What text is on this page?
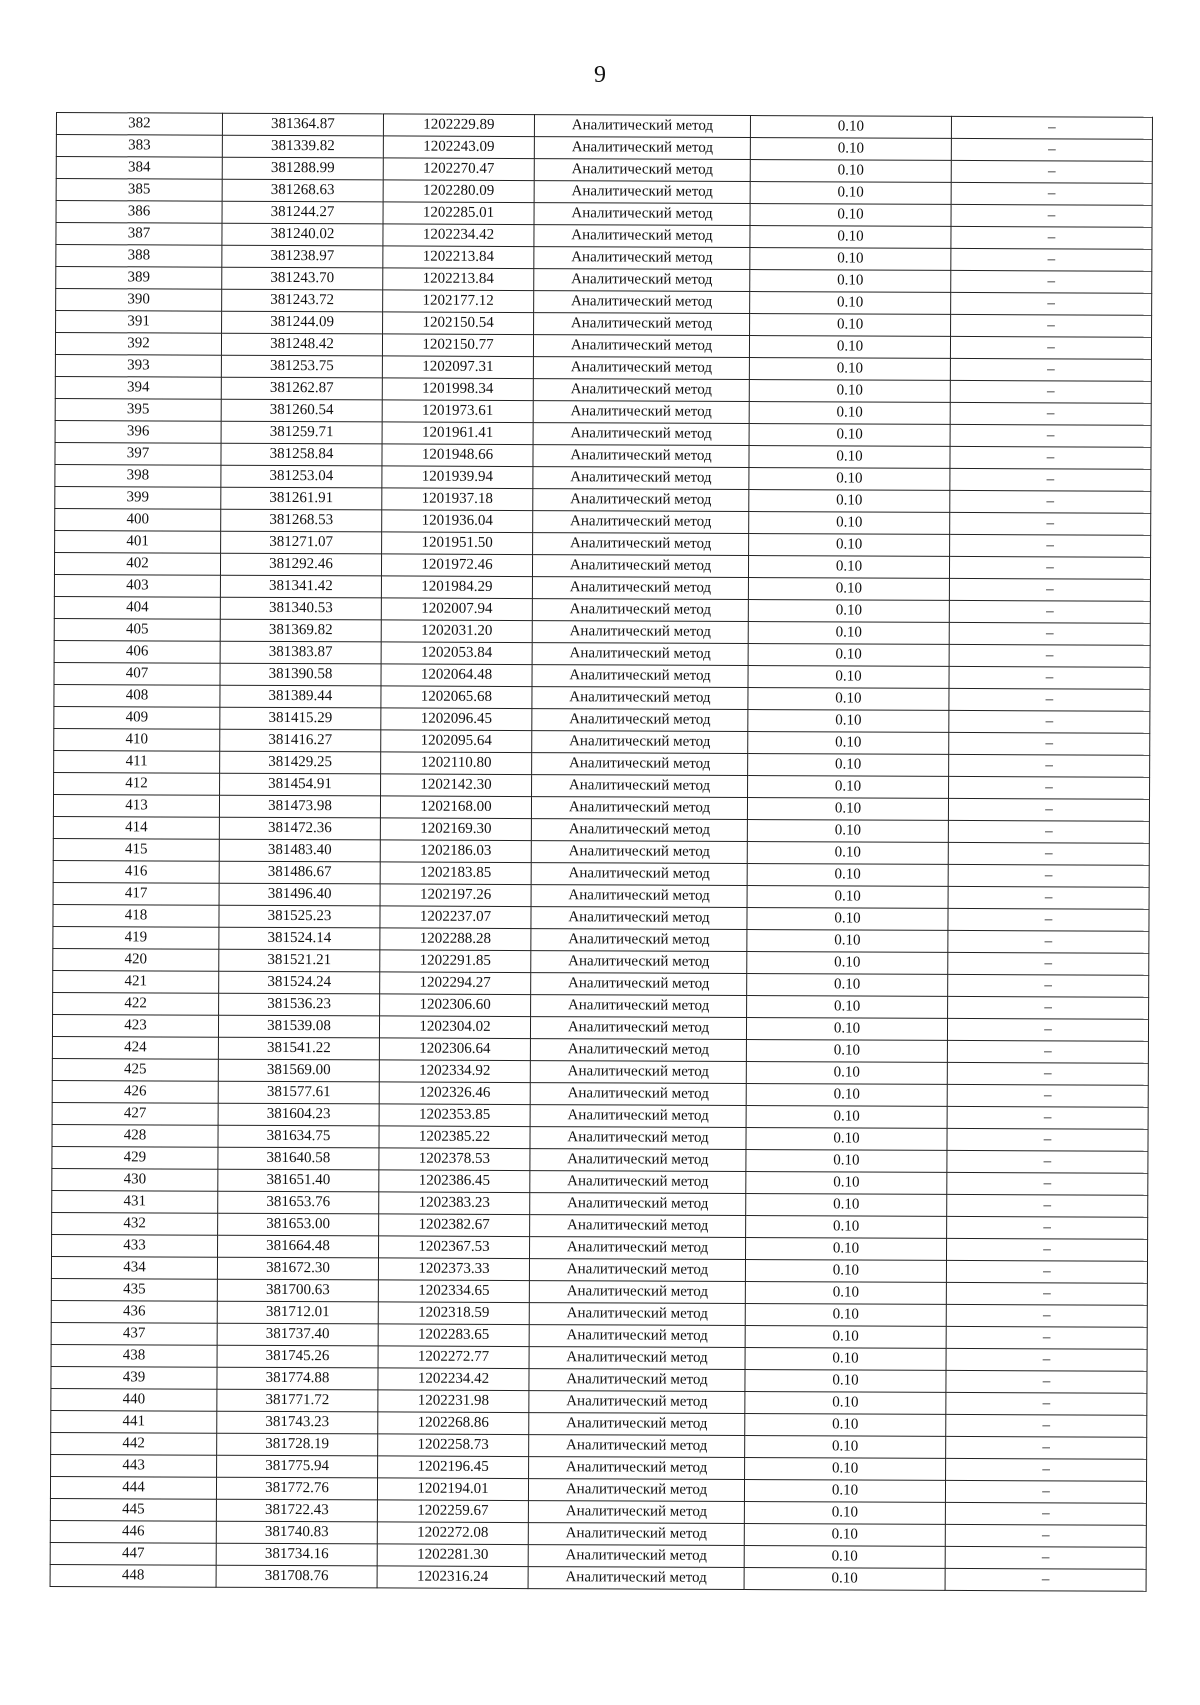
9
382	381364.87	1202229.89	Аналитический метод	0.10	–
383	381339.82	1202243.09	Аналитический метод	0.10	–
384	381288.99	1202270.47	Аналитический метод	0.10	–
385	381268.63	1202280.09	Аналитический метод	0.10	–
386	381244.27	1202285.01	Аналитический метод	0.10	–
387	381240.02	1202234.42	Аналитический метод	0.10	–
388	381238.97	1202213.84	Аналитический метод	0.10	–
389	381243.70	1202213.84	Аналитический метод	0.10	–
390	381243.72	1202177.12	Аналитический метод	0.10	–
391	381244.09	1202150.54	Аналитический метод	0.10	–
392	381248.42	1202150.77	Аналитический метод	0.10	–
393	381253.75	1202097.31	Аналитический метод	0.10	–
394	381262.87	1201998.34	Аналитический метод	0.10	–
395	381260.54	1201973.61	Аналитический метод	0.10	–
396	381259.71	1201961.41	Аналитический метод	0.10	–
397	381258.84	1201948.66	Аналитический метод	0.10	–
398	381253.04	1201939.94	Аналитический метод	0.10	–
399	381261.91	1201937.18	Аналитический метод	0.10	–
400	381268.53	1201936.04	Аналитический метод	0.10	–
401	381271.07	1201951.50	Аналитический метод	0.10	–
402	381292.46	1201972.46	Аналитический метод	0.10	–
403	381341.42	1201984.29	Аналитический метод	0.10	–
404	381340.53	1202007.94	Аналитический метод	0.10	–
405	381369.82	1202031.20	Аналитический метод	0.10	–
406	381383.87	1202053.84	Аналитический метод	0.10	–
407	381390.58	1202064.48	Аналитический метод	0.10	–
408	381389.44	1202065.68	Аналитический метод	0.10	–
409	381415.29	1202096.45	Аналитический метод	0.10	–
410	381416.27	1202095.64	Аналитический метод	0.10	–
411	381429.25	1202110.80	Аналитический метод	0.10	–
412	381454.91	1202142.30	Аналитический метод	0.10	–
413	381473.98	1202168.00	Аналитический метод	0.10	–
414	381472.36	1202169.30	Аналитический метод	0.10	–
415	381483.40	1202186.03	Аналитический метод	0.10	–
416	381486.67	1202183.85	Аналитический метод	0.10	–
417	381496.40	1202197.26	Аналитический метод	0.10	–
418	381525.23	1202237.07	Аналитический метод	0.10	–
419	381524.14	1202288.28	Аналитический метод	0.10	–
420	381521.21	1202291.85	Аналитический метод	0.10	–
421	381524.24	1202294.27	Аналитический метод	0.10	–
422	381536.23	1202306.60	Аналитический метод	0.10	–
423	381539.08	1202304.02	Аналитический метод	0.10	–
424	381541.22	1202306.64	Аналитический метод	0.10	–
425	381569.00	1202334.92	Аналитический метод	0.10	–
426	381577.61	1202326.46	Аналитический метод	0.10	–
427	381604.23	1202353.85	Аналитический метод	0.10	–
428	381634.75	1202385.22	Аналитический метод	0.10	–
429	381640.58	1202378.53	Аналитический метод	0.10	–
430	381651.40	1202386.45	Аналитический метод	0.10	–
431	381653.76	1202383.23	Аналитический метод	0.10	–
432	381653.00	1202382.67	Аналитический метод	0.10	–
433	381664.48	1202367.53	Аналитический метод	0.10	–
434	381672.30	1202373.33	Аналитический метод	0.10	–
435	381700.63	1202334.65	Аналитический метод	0.10	–
436	381712.01	1202318.59	Аналитический метод	0.10	–
437	381737.40	1202283.65	Аналитический метод	0.10	–
438	381745.26	1202272.77	Аналитический метод	0.10	–
439	381774.88	1202234.42	Аналитический метод	0.10	–
440	381771.72	1202231.98	Аналитический метод	0.10	–
441	381743.23	1202268.86	Аналитический метод	0.10	–
442	381728.19	1202258.73	Аналитический метод	0.10	–
443	381775.94	1202196.45	Аналитический метод	0.10	–
444	381772.76	1202194.01	Аналитический метод	0.10	–
445	381722.43	1202259.67	Аналитический метод	0.10	–
446	381740.83	1202272.08	Аналитический метод	0.10	–
447	381734.16	1202281.30	Аналитический метод	0.10	–
448	381708.76	1202316.24	Аналитический метод	0.10	–
